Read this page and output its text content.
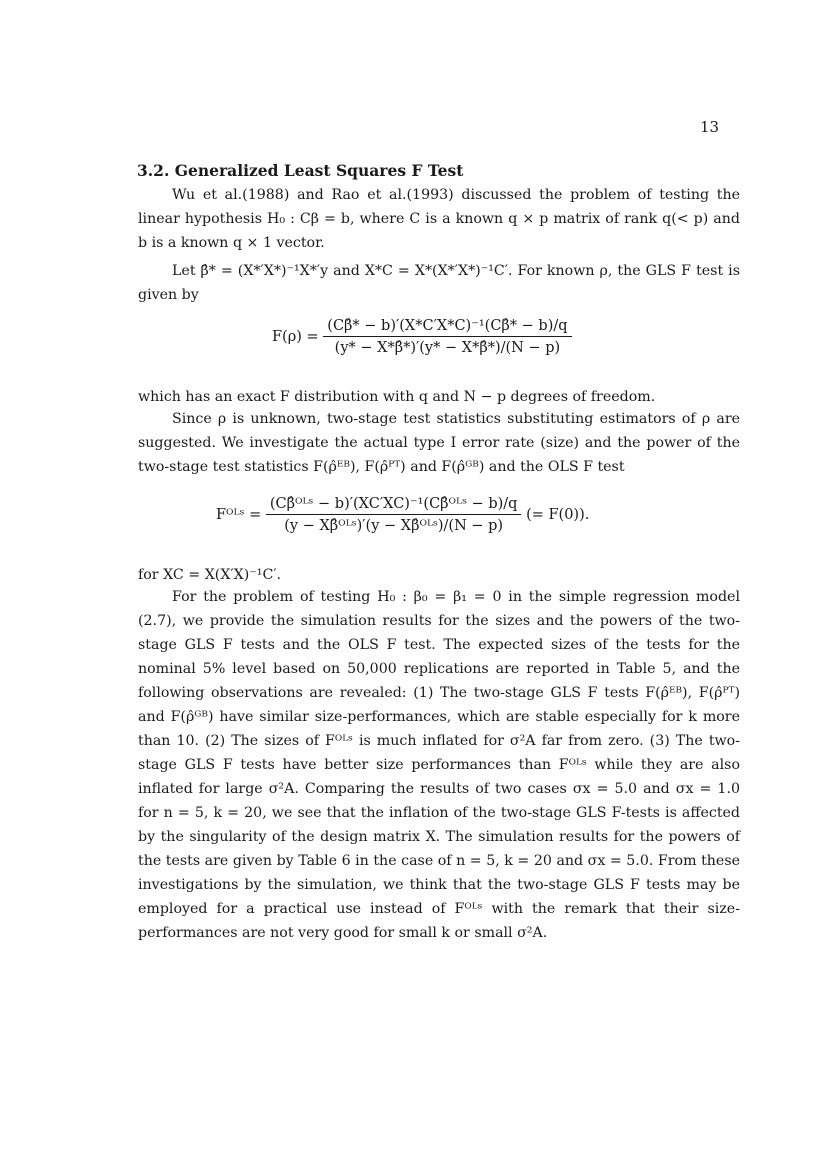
13
3.2. Generalized Least Squares F Test

Wu et al.(1988) and Rao et al.(1993) discussed the problem of testing the linear hypothesis H₀ : Cβ = b, where C is a known q × p matrix of rank q(< p) and b is a known q × 1 vector.

Let β̂* = (X*′X*)⁻¹X*′y and X*C = X*(X*′X*)⁻¹C′. For known ρ, the GLS F test is given by

$F(\rho) = \frac{\text{(Cβ̂* − b)′(X*C′X*C)⁻¹(Cβ̂* − b)/q}}{(y* - X*\betâ*)'(y* - X*\betâ*)/(N - p)}$

which has an exact F distribution with q and N − p degrees of freedom.

Since ρ is unknown, two-stage test statistics substituting estimators of ρ are suggested. We investigate the actual type I error rate (size) and the power of the two-stage test statistics F(ρ̂ᴱᴮ), F(ρ̂ᴾᵀ) and F(ρ̂ᴳᴮ) and the OLS F test

Fᴼᴸˢ = $\frac{\text{(Cβ̂ᴼᴸˢ − b)′(XC′XC)⁻¹(Cβ̂ᴼᴸˢ − b)/q}}{\text{(y − Xβ̂ᴼᴸˢ)′(y − Xβ̂ᴼᴸˢ)/(N − p)}}$ (= F(0)).

for XC = X(X′X)⁻¹C′.

For the problem of testing H₀ : β₀ = β₁ = 0 in the simple regression model (2.7), we provide the simulation results for the sizes and the powers of the two-stage GLS F tests and the OLS F test. The expected sizes of the tests for the nominal 5% level based on 50,000 replications are reported in Table 5, and the following observations are revealed: (1) The two-stage GLS F tests F(ρ̂ᴱᴮ), F(ρ̂ᴾᵀ) and F(ρ̂ᴳᴮ) have similar size-performances, which are stable especially for k more than 10. (2) The sizes of Fᴼᴸˢ is much inflated for σ²A far from zero. (3) The two-stage GLS F tests have better size performances than Fᴼᴸˢ while they are also inflated for large σ²A. Comparing the results of two cases σx = 5.0 and σx = 1.0 for n = 5, k = 20, we see that the inflation of the two-stage GLS F-tests is affected by the singularity of the design matrix X. The simulation results for the powers of the tests are given by Table 6 in the case of n = 5, k = 20 and σx = 5.0. From these investigations by the simulation, we think that the two-stage GLS F tests may be employed for a practical use instead of Fᴼᴸˢ with the remark that their size-performances are not very good for small k or small σ²A.
